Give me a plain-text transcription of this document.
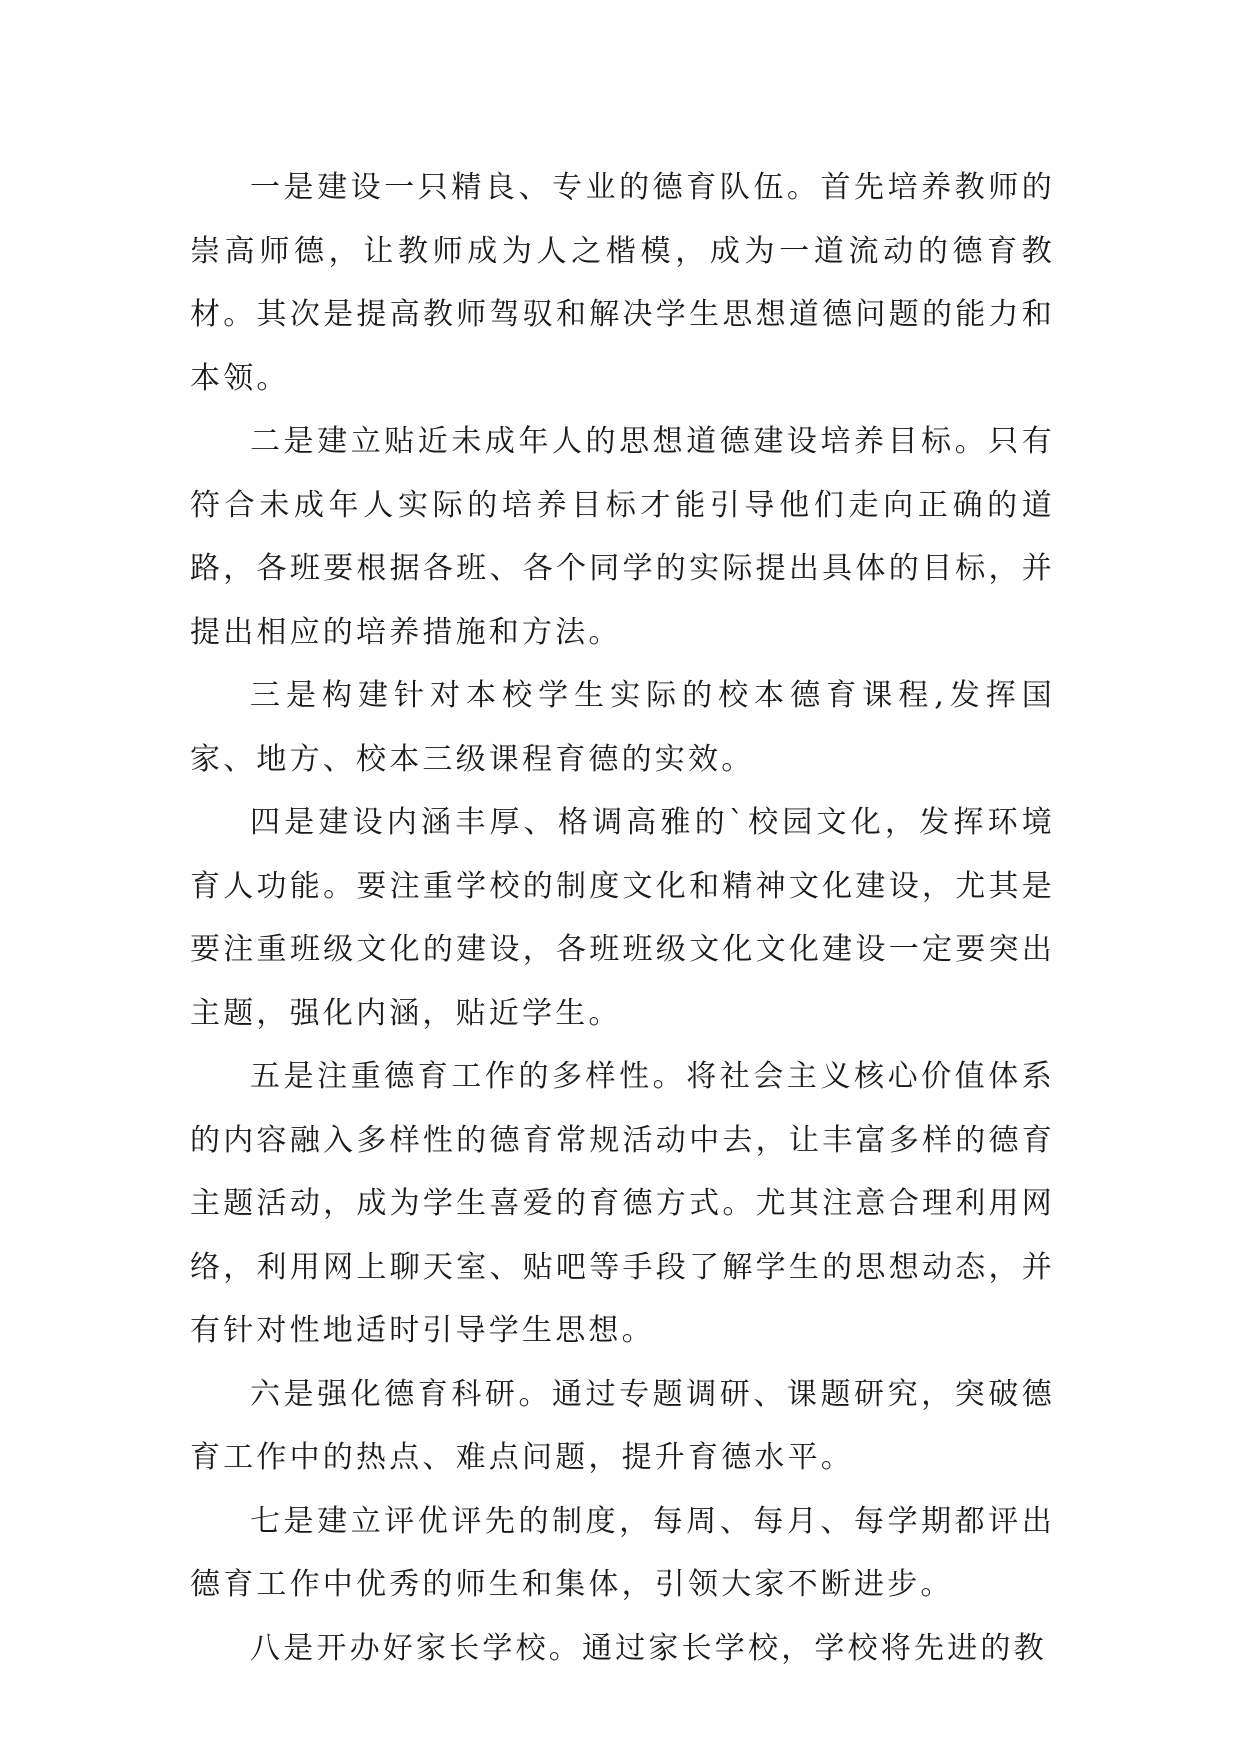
一是建设一只精良、专业的德育队伍。首先培养教师的崇高师德，让教师成为人之楷模，成为一道流动的德育教材。其次是提高教师驾驭和解决学生思想道德问题的能力和本领。

二是建立贴近未成年人的思想道德建设培养目标。只有符合未成年人实际的培养目标才能引导他们走向正确的道路，各班要根据各班、各个同学的实际提出具体的目标，并提出相应的培养措施和方法。

三是构建针对本校学生实际的校本德育课程,发挥国家、地方、校本三级课程育德的实效。

四是建设内涵丰厚、格调高雅的`校园文化，发挥环境育人功能。要注重学校的制度文化和精神文化建设，尤其是要注重班级文化的建设，各班班级文化文化建设一定要突出主题，强化内涵，贴近学生。

五是注重德育工作的多样性。将社会主义核心价值体系的内容融入多样性的德育常规活动中去，让丰富多样的德育主题活动，成为学生喜爱的育德方式。尤其注意合理利用网络，利用网上聊天室、贴吧等手段了解学生的思想动态，并有针对性地适时引导学生思想。

六是强化德育科研。通过专题调研、课题研究，突破德育工作中的热点、难点问题，提升育德水平。

七是建立评优评先的制度，每周、每月、每学期都评出德育工作中优秀的师生和集体，引领大家不断进步。

八是开办好家长学校。通过家长学校，学校将先进的教
